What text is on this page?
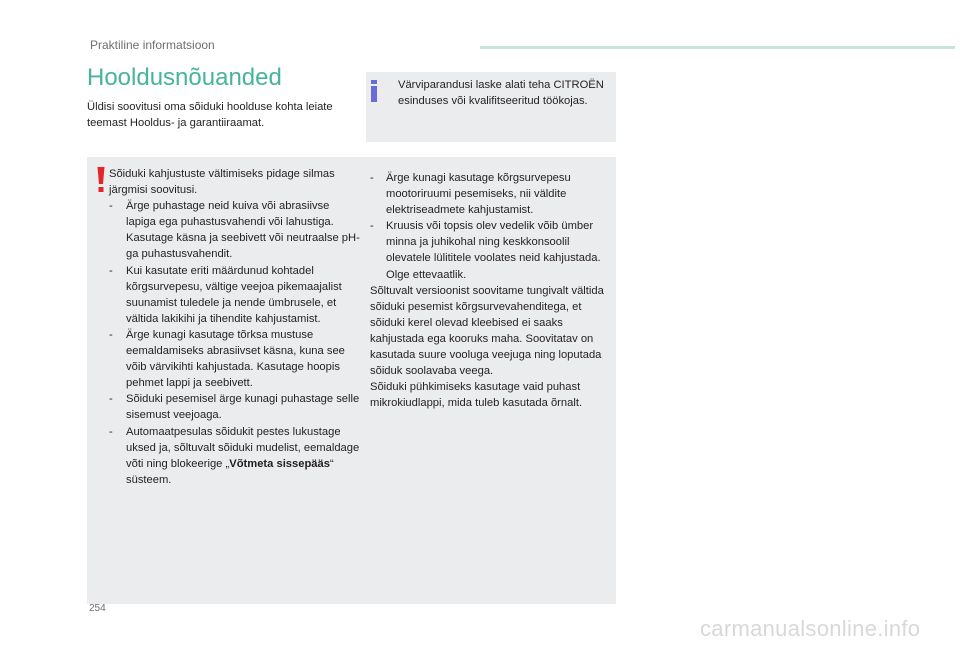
Praktiline informatsioon
Hooldusnõuanded

Üldisi soovitusi oma sõiduki hoolduse kohta leiate teemast Hooldus- ja garantiiraamat.

Värviparandusi laske alati teha CITROËN esinduses või kvalifitseeritud töökojas.

Sõiduki kahjustuste vältimiseks pidage silmas järgmisi soovitusi.

- Ärge puhastage neid kuiva või abrasiivse lapiga ega puhastusvahendi või lahustiga. Kasutage käsna ja seebivett või neutraalse pH-ga puhastusvahendit.
- Kui kasutate eriti määrdunud kohtadel kõrgsurvepesu, vältige veejoa pikemaajalist suunamist tuledele ja nende ümbrusele, et vältida lakikihi ja tihendite kahjustamist.
- Ärge kunagi kasutage tõrksa mustuse eemaldamiseks abrasiivset käsna, kuna see võib värvikihti kahjustada. Kasutage hoopis pehmet lappi ja seebivett.
- Sõiduki pesemisel ärge kunagi puhastage selle sisemust veejoaga.
- Automaatpesulas sõidukit pestes lukustage uksed ja, sõltuvalt sõiduki mudelist, eemaldage võti ning blokeerige „Võtmeta sissepääs“ süsteem.
- Ärge kunagi kasutage kõrgsurvepesu mootoriruumi pesemiseks, nii väldite elektriseadmete kahjustamist.
- Kruusis või topsis olev vedelik võib ümber minna ja juhikohal ning keskkonsoolil olevatele lülititele voolates neid kahjustada. Olge ettevaatlik.

Sõltuvalt versioonist soovitame tungivalt vältida sõiduki pesemist kõrgsurvevahenditega, et sõiduki kerel olevad kleebised ei saaks kahjustada ega kooruks maha. Soovitatav on kasutada suure vooluga veejuga ning loputada sõiduk soolavaba veega.

Sõiduki pühkimiseks kasutage vaid puhast mikrokiudlappi, mida tuleb kasutada õrnalt.

254
carmanualsonline.info
